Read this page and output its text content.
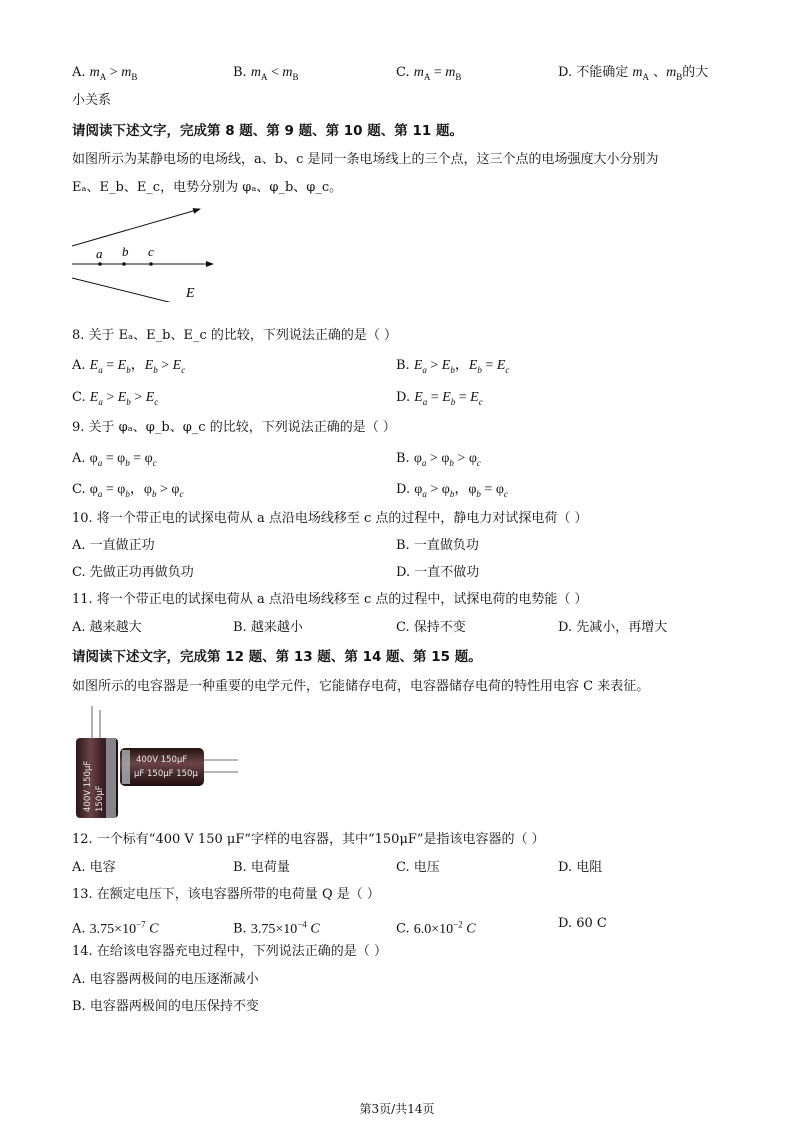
A. $m_A > m_B$	B. $m_A < m_B$	C. $m_A = m_B$	D. 不能确定 $m_A$ 、$m_B$的大
小关系
请阅读下述文字，完成第 8 题、第 9 题、第 10 题、第 11 题。
如图所示为某静电场的电场线，a、b、c 是同一条电场线上的三个点，这三个点的电场强度大小分别为
Eₐ、E_b、E_c，电势分别为 φₐ、φ_b、φ_c。
a b c
E
8. 关于 Eₐ、E_b、E_c 的比较，下列说法正确的是（ ）
A. $E_a = E_b$，$E_b > E_c$	B. $E_a > E_b$，$E_b = E_c$
C. $E_a > E_b > E_c$	D. $E_a = E_b = E_c$
9. 关于 φₐ、φ_b、φ_c 的比较，下列说法正确的是（ ）
A. $\varphi_a = \varphi_b = \varphi_c$	B. $\varphi_a > \varphi_b > \varphi_c$
C. $\varphi_a = \varphi_b$，$\varphi_b > \varphi_c$	D. $\varphi_a > \varphi_b$，$\varphi_b = \varphi_c$
10. 将一个带正电的试探电荷从 a 点沿电场线移至 c 点的过程中，静电力对试探电荷（ ）
A. 一直做正功	B. 一直做负功
C. 先做正功再做负功	D. 一直不做功
11. 将一个带正电的试探电荷从 a 点沿电场线移至 c 点的过程中，试探电荷的电势能（ ）
A. 越来越大	B. 越来越小	C. 保持不变	D. 先减小，再增大
请阅读下述文字，完成第 12 题、第 13 题、第 14 题、第 15 题。
如图所示的电容器是一种重要的电学元件，它能储存电荷，电容器储存电荷的特性用电容 C 来表征。
400V 150μF 150μF
400V 150μF
μF 150μF 150μ
12. 一个标有“400 V 150 μF”字样的电容器，其中“150μF”是指该电容器的（ ）
A. 电容	B. 电荷量	C. 电压	D. 电阻
13. 在额定电压下，该电容器所带的电荷量 Q 是（ ）
A. $3.75\times 10^{-7}$ C	B. $3.75\times 10^{-4}$ C	C. $6.0\times 10^{-2}$ C	D. 60 C
14. 在给该电容器充电过程中，下列说法正确的是（ ）
A. 电容器两极间的电压逐渐减小
B. 电容器两极间的电压保持不变
第3页/共14页
